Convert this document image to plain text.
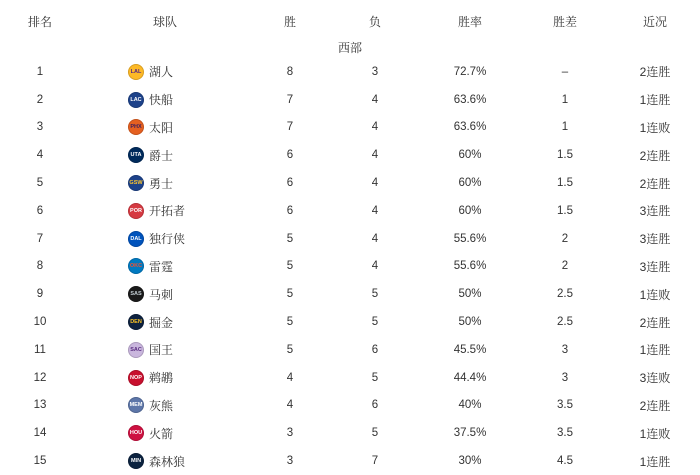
排名	球队	胜	负	胜率	胜差	近况
西部
1	LAL 湖人	8	3	72.7%	–	2连胜
2	LAC 快船	7	4	63.6%	1	1连胜
3	PHX 太阳	7	4	63.6%	1	1连败
4	UTA 爵士	6	4	60%	1.5	2连胜
5	GSW 勇士	6	4	60%	1.5	2连胜
6	POR 开拓者	6	4	60%	1.5	3连胜
7	DAL 独行侠	5	4	55.6%	2	3连胜
8	OKC 雷霆	5	4	55.6%	2	3连胜
9	SAS 马刺	5	5	50%	2.5	1连败
10	DEN 掘金	5	5	50%	2.5	2连胜
11	SAC 国王	5	6	45.5%	3	1连胜
12	NOP 鹈鹕	4	5	44.4%	3	3连败
13	MEM 灰熊	4	6	40%	3.5	2连胜
14	HOU 火箭	3	5	37.5%	3.5	1连败
15	MIN 森林狼	3	7	30%	4.5	1连胜
